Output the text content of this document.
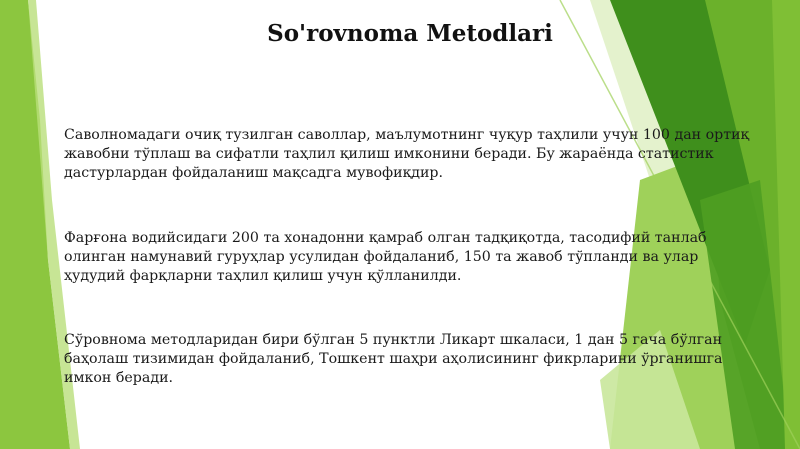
So'rovnoma Metodlari

Саволномадаги очиқ тузилган саволлар, маълумотнинг чуқур таҳлили учун 100 дан ортиқ жавобни тўплаш ва сифатли таҳлил қилиш имконини беради. Бу жараёнда статистик дастурлардан фойдаланиш мақсадга мувофиқдир.

Фарғона водийсидаги 200 та хонадонни қамраб олган тадқиқотда, тасодифий танлаб олинган намунавий гуруҳлар усулидан фойдаланиб, 150 та жавоб тўпланди ва улар ҳудудий фарқларни таҳлил қилиш учун қўлланилди.

Сўровнома методларидан бири бўлган 5 пунктли Ликарт шкаласи, 1 дан 5 гача бўлган баҳолаш тизимидан фойдаланиб, Тошкент шаҳри аҳолисининг фикрларини ўрганишга имкон беради.
